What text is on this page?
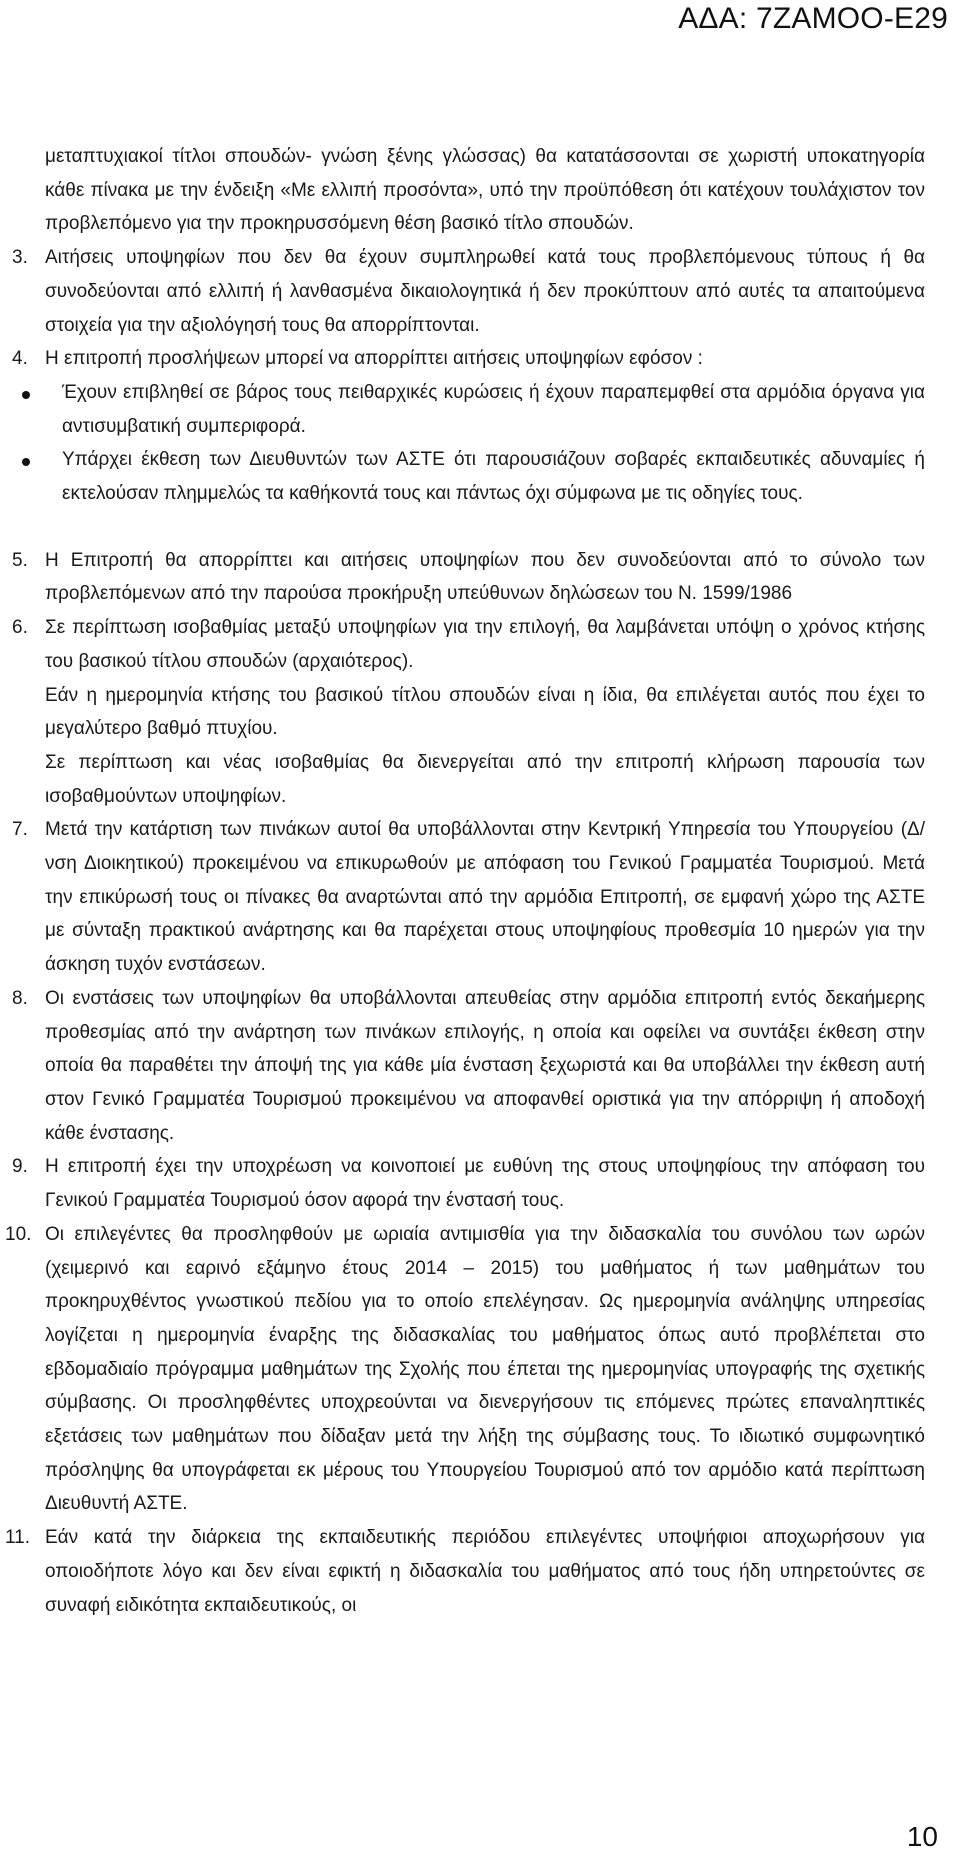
ΑΔΑ: 7ΖΑΜΟΟ-Ε29

μεταπτυχιακοί τίτλοι σπουδών- γνώση ξένης γλώσσας) θα κατατάσσονται σε χωριστή υποκατηγορία κάθε πίνακα με την ένδειξη «Με ελλιπή προσόντα», υπό την προϋπόθεση ότι κατέχουν τουλάχιστον τον προβλεπόμενο για την προκηρυσσόμενη θέση βασικό τίτλο σπουδών.

3. Αιτήσεις υποψηφίων που δεν θα έχουν συμπληρωθεί κατά τους προβλεπόμενους τύπους ή θα συνοδεύονται από ελλιπή ή λανθασμένα δικαιολογητικά ή δεν προκύπτουν από αυτές τα απαιτούμενα στοιχεία για την αξιολόγησή τους θα απορρίπτονται.

4. Η επιτροπή προσλήψεων μπορεί να απορρίπτει αιτήσεις υποψηφίων εφόσον :

Έχουν επιβληθεί σε βάρος τους πειθαρχικές κυρώσεις ή έχουν παραπεμφθεί στα αρμόδια όργανα για αντισυμβατική συμπεριφορά.

Υπάρχει έκθεση των Διευθυντών των ΑΣΤΕ ότι παρουσιάζουν σοβαρές εκπαιδευτικές αδυναμίες ή εκτελούσαν πλημμελώς τα καθήκοντά τους και πάντως όχι σύμφωνα με τις οδηγίες τους.

5. Η Επιτροπή θα απορρίπτει και αιτήσεις υποψηφίων που δεν συνοδεύονται από το σύνολο των προβλεπόμενων από την παρούσα προκήρυξη υπεύθυνων δηλώσεων του Ν. 1599/1986

6. Σε περίπτωση ισοβαθμίας μεταξύ υποψηφίων για την επιλογή, θα λαμβάνεται υπόψη ο χρόνος κτήσης του βασικού τίτλου σπουδών (αρχαιότερος).

Εάν η ημερομηνία κτήσης του βασικού τίτλου σπουδών είναι η ίδια, θα επιλέγεται αυτός που έχει το μεγαλύτερο βαθμό πτυχίου.

Σε περίπτωση και νέας ισοβαθμίας θα διενεργείται από την επιτροπή κλήρωση παρουσία των ισοβαθμούντων υποψηφίων.

7. Μετά την κατάρτιση των πινάκων αυτοί θα υποβάλλονται στην Κεντρική Υπηρεσία του Υπουργείου (Δ/νση Διοικητικού) προκειμένου να επικυρωθούν με απόφαση του Γενικού Γραμματέα Τουρισμού. Μετά την επικύρωσή τους οι πίνακες θα αναρτώνται από την αρμόδια Επιτροπή, σε εμφανή χώρο της ΑΣΤΕ με σύνταξη πρακτικού ανάρτησης και θα παρέχεται στους υποψηφίους προθεσμία 10 ημερών για την άσκηση τυχόν ενστάσεων.

8. Οι ενστάσεις των υποψηφίων θα υποβάλλονται απευθείας στην αρμόδια επιτροπή εντός δεκαήμερης προθεσμίας από την ανάρτηση των πινάκων επιλογής, η οποία και οφείλει να συντάξει έκθεση στην οποία θα παραθέτει την άποψή της για κάθε μία ένσταση ξεχωριστά και θα υποβάλλει την έκθεση αυτή στον Γενικό Γραμματέα Τουρισμού προκειμένου να αποφανθεί οριστικά για την απόρριψη ή αποδοχή κάθε ένστασης.

9. Η επιτροπή έχει την υποχρέωση να κοινοποιεί με ευθύνη της στους υποψηφίους την απόφαση του Γενικού Γραμματέα Τουρισμού όσον αφορά την ένστασή τους.

10. Οι επιλεγέντες θα προσληφθούν με ωριαία αντιμισθία για την διδασκαλία του συνόλου των ωρών (χειμερινό και εαρινό εξάμηνο έτους 2014 – 2015) του μαθήματος ή των μαθημάτων του προκηρυχθέντος γνωστικού πεδίου για το οποίο επελέγησαν. Ως ημερομηνία ανάληψης υπηρεσίας λογίζεται η ημερομηνία έναρξης της διδασκαλίας του μαθήματος όπως αυτό προβλέπεται στο εβδομαδιαίο πρόγραμμα μαθημάτων της Σχολής που έπεται της ημερομηνίας υπογραφής της σχετικής σύμβασης. Οι προσληφθέντες υποχρεούνται να διενεργήσουν τις επόμενες πρώτες επαναληπτικές εξετάσεις των μαθημάτων που δίδαξαν μετά την λήξη της σύμβασης τους. Το ιδιωτικό συμφωνητικό πρόσληψης θα υπογράφεται εκ μέρους του Υπουργείου Τουρισμού από τον αρμόδιο κατά περίπτωση Διευθυντή ΑΣΤΕ.

11. Εάν κατά την διάρκεια της εκπαιδευτικής περιόδου επιλεγέντες υποψήφιοι αποχωρήσουν για οποιοδήποτε λόγο και δεν είναι εφικτή η διδασκαλία του μαθήματος από τους ήδη υπηρετούντες σε συναφή ειδικότητα εκπαιδευτικούς, οι

10
